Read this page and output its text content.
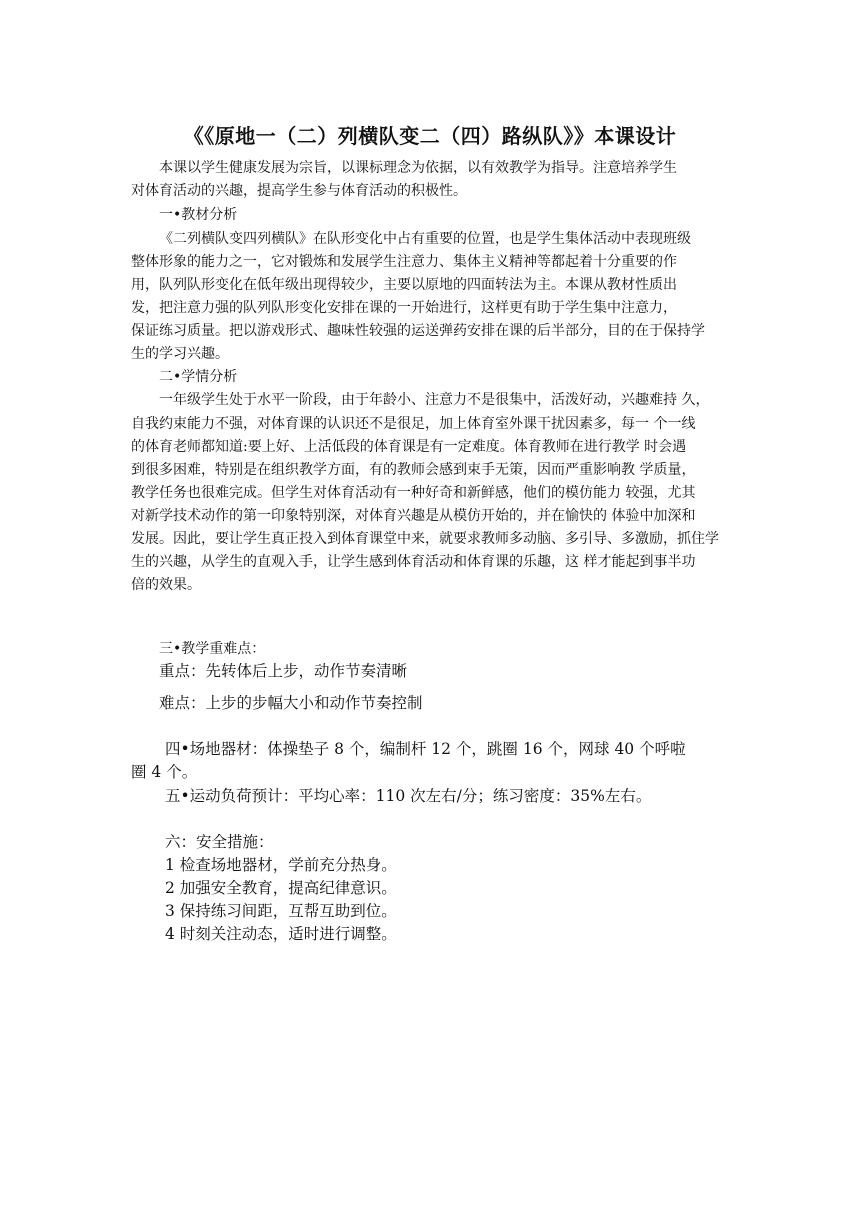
《《原地一（二）列横队变二（四）路纵队》》本课设计
本课以学生健康发展为宗旨，以课标理念为依据，以有效教学为指导。注意培养学生
对体育活动的兴趣，提高学生参与体育活动的积极性。
一•教材分析
《二列横队变四列横队》在队形变化中占有重要的位置，也是学生集体活动中表现班级
整体形象的能力之一，它对锻炼和发展学生注意力、集体主义精神等都起着十分重要的作
用，队列队形变化在低年级出现得较少，主要以原地的四面转法为主。本课从教材性质出
发，把注意力强的队列队形变化安排在课的一开始进行，这样更有助于学生集中注意力，
保证练习质量。把以游戏形式、趣味性较强的运送弹药安排在课的后半部分，目的在于保持学
生的学习兴趣。
二•学情分析
一年级学生处于水平一阶段，由于年龄小、注意力不是很集中，活泼好动，兴趣难持 久，
自我约束能力不强，对体育课的认识还不是很足，加上体育室外课干扰因素多，每一 个一线
的体育老师都知道:要上好、上活低段的体育课是有一定难度。体育教师在进行教学 时会遇
到很多困难，特别是在组织教学方面，有的教师会感到束手无策，因而严重影响教 学质量，
教学任务也很难完成。但学生对体育活动有一种好奇和新鲜感，他们的模仿能力 较强，尤其
对新学技术动作的第一印象特别深，对体育兴趣是从模仿开始的，并在愉快的 体验中加深和
发展。因此，要让学生真正投入到体育课堂中来，就要求教师多动脑、多引导、多激励，抓住学
生的兴趣，从学生的直观入手，让学生感到体育活动和体育课的乐趣，这 样才能起到事半功
倍的效果。
三•教学重难点：
重点：先转体后上步，动作节奏清晰
难点：上步的步幅大小和动作节奏控制
四•场地器材：体操垫子 8 个，编制杆 12 个，跳圈 16 个，网球 40 个呼啦
圈 4 个。
五•运动负荷预计：平均心率：110 次左右/分；练习密度：35%左右。
六：安全措施：
1 检查场地器材，学前充分热身。
2 加强安全教育，提高纪律意识。
3 保持练习间距，互帮互助到位。
4 时刻关注动态，适时进行调整。
